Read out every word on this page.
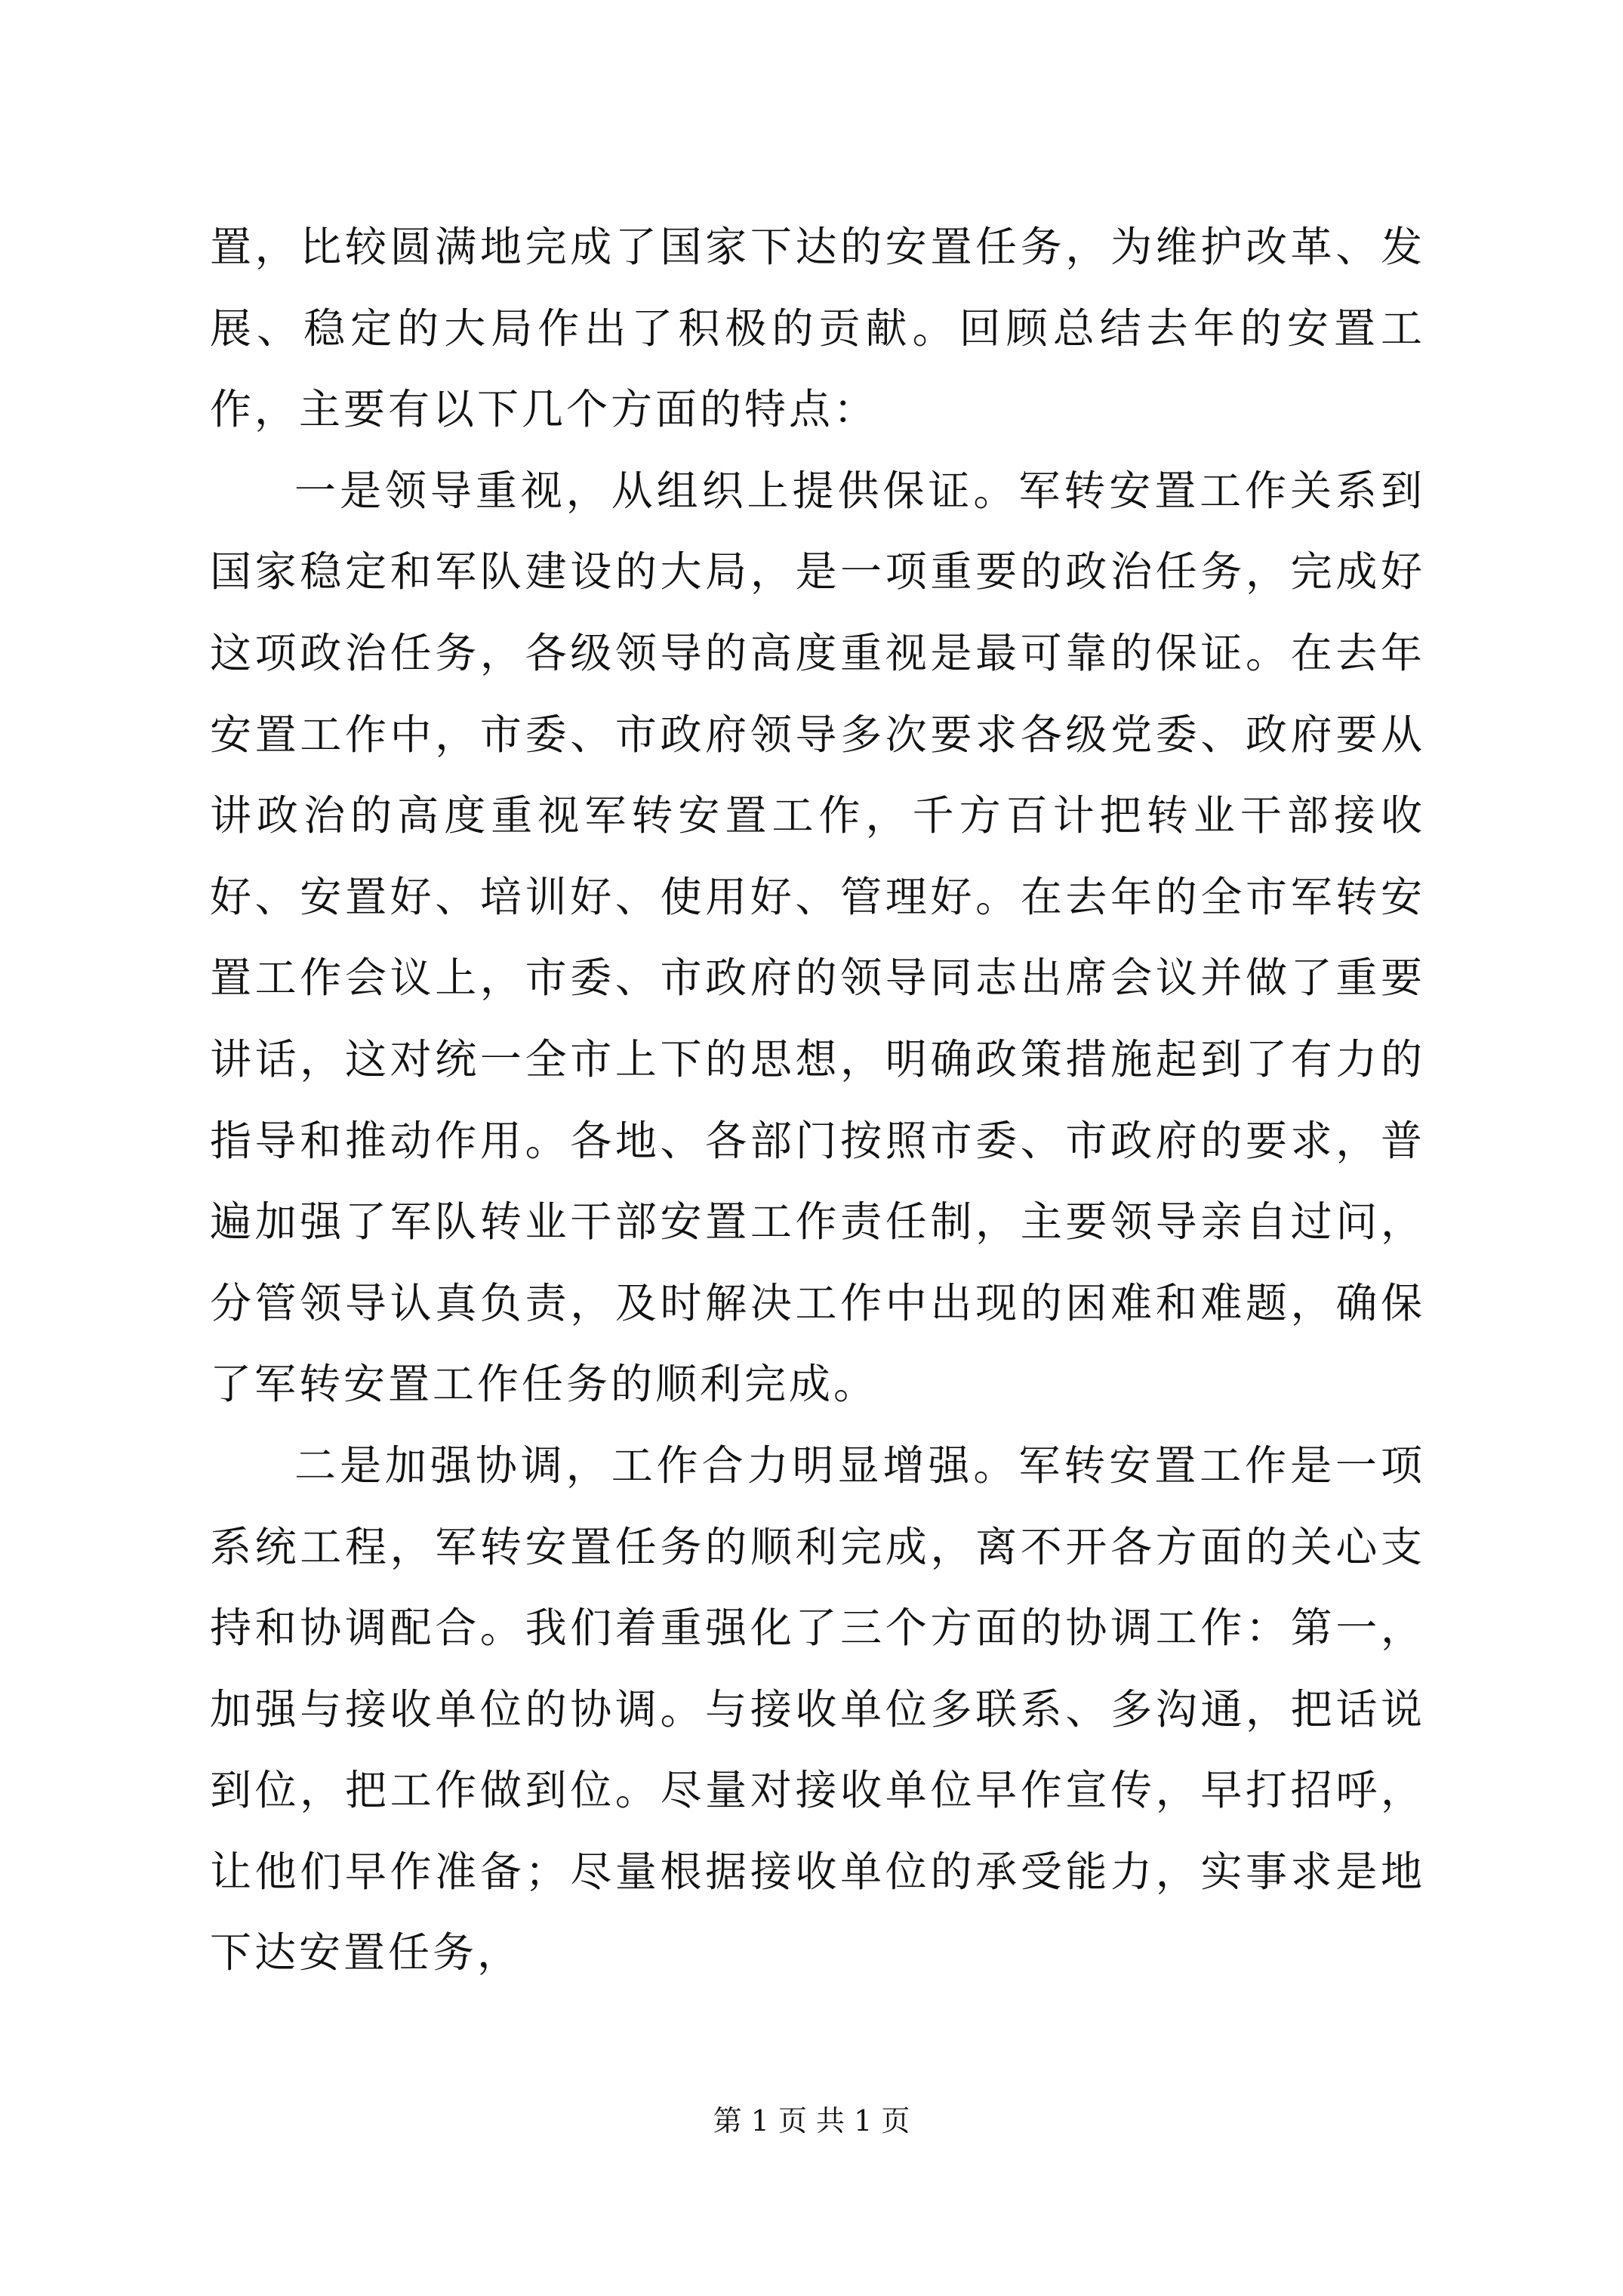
置，比较圆满地完成了国家下达的安置任务，为维护改革、发展、稳定的大局作出了积极的贡献。回顾总结去年的安置工作，主要有以下几个方面的特点：

一是领导重视，从组织上提供保证。军转安置工作关系到国家稳定和军队建设的大局，是一项重要的政治任务，完成好这项政治任务，各级领导的高度重视是最可靠的保证。在去年安置工作中，市委、市政府领导多次要求各级党委、政府要从讲政治的高度重视军转安置工作，千方百计把转业干部接收好、安置好、培训好、使用好、管理好。在去年的全市军转安置工作会议上，市委、市政府的领导同志出席会议并做了重要讲话，这对统一全市上下的思想，明确政策措施起到了有力的指导和推动作用。各地、各部门按照市委、市政府的要求，普遍加强了军队转业干部安置工作责任制，主要领导亲自过问，分管领导认真负责，及时解决工作中出现的困难和难题，确保了军转安置工作任务的顺利完成。

二是加强协调，工作合力明显增强。军转安置工作是一项系统工程，军转安置任务的顺利完成，离不开各方面的关心支持和协调配合。我们着重强化了三个方面的协调工作：第一，加强与接收单位的协调。与接收单位多联系、多沟通，把话说到位，把工作做到位。尽量对接收单位早作宣传，早打招呼，让他们早作准备；尽量根据接收单位的承受能力，实事求是地下达安置任务，

第 1 页 共 1 页
